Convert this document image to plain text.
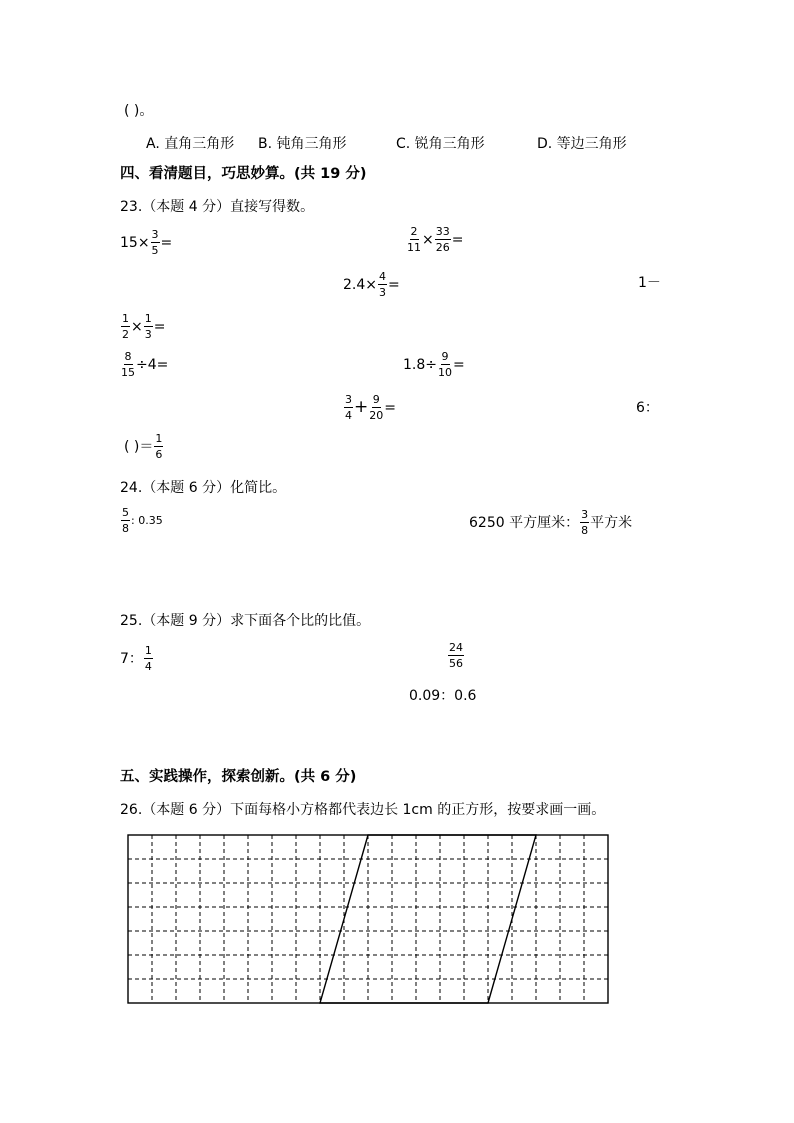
( )。
A. 直角三角形 B. 钝角三角形	C. 锐角三角形	D. 等边三角形
四、看清题目，巧思妙算。(共 19 分)
23.（本题 4 分）直接写得数。
$15\times \frac{3}{5}$ =	$\frac{2}{11} \times \frac{33}{26}$ =
$2.4\times \frac{4}{3}$ =	1－
$\frac{1}{2} \times \frac{1}{3}$ =
$\frac{8}{15} \div 4=$	$1.8\div \frac{9}{10}$ =
$\frac{3}{4} + \frac{9}{20}$ =	6：
( )＝ $\frac{1}{6}$
24.（本题 6 分）化简比。
$\frac{5}{8}$ : 0.35	6250 平方厘米： $\frac{3}{8}$ 平方米
25.（本题 9 分）求下面各个比的比值。
7： $\frac{1}{4}$	$\frac{24}{56}$
0.09：0.6
五、实践操作，探索创新。(共 6 分)
26.（本题 6 分）下面每格小方格都代表边长 1cm 的正方形，按要求画一画。
